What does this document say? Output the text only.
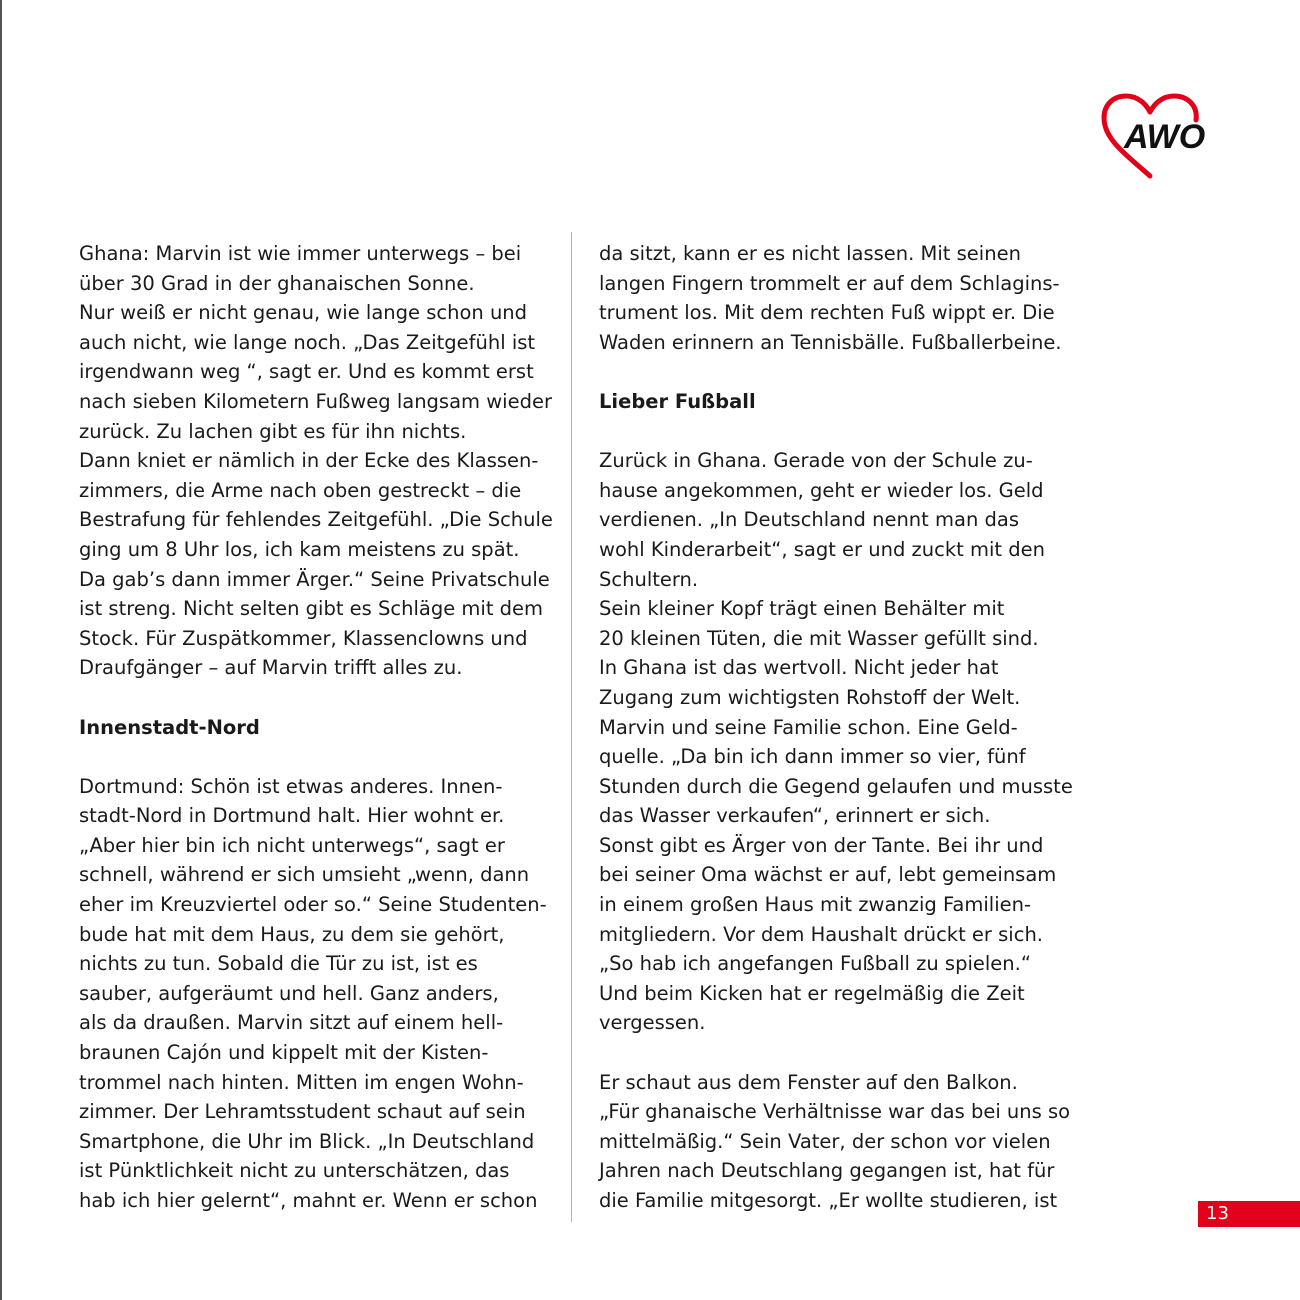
AWO
Ghana: Marvin ist wie immer unterwegs – bei
über 30 Grad in der ghanaischen Sonne.
Nur weiß er nicht genau, wie lange schon und
auch nicht, wie lange noch. „Das Zeitgefühl ist
irgendwann weg “, sagt er. Und es kommt erst
nach sieben Kilometern Fußweg langsam wieder
zurück. Zu lachen gibt es für ihn nichts.
Dann kniet er nämlich in der Ecke des Klassen-
zimmers, die Arme nach oben gestreckt – die
Bestrafung für fehlendes Zeitgefühl. „Die Schule
ging um 8 Uhr los, ich kam meistens zu spät.
Da gab’s dann immer Ärger.“ Seine Privatschule
ist streng. Nicht selten gibt es Schläge mit dem
Stock. Für Zuspätkommer, Klassenclowns und
Draufgänger – auf Marvin trifft alles zu.
Innenstadt-Nord
Dortmund: Schön ist etwas anderes. Innen-
stadt-Nord in Dortmund halt. Hier wohnt er.
„Aber hier bin ich nicht unterwegs“, sagt er
schnell, während er sich umsieht „wenn, dann
eher im Kreuzviertel oder so.“ Seine Studenten-
bude hat mit dem Haus, zu dem sie gehört,
nichts zu tun. Sobald die Tür zu ist, ist es
sauber, aufgeräumt und hell. Ganz anders,
als da draußen. Marvin sitzt auf einem hell-
braunen Cajón und kippelt mit der Kisten-
trommel nach hinten. Mitten im engen Wohn-
zimmer. Der Lehramtsstudent schaut auf sein
Smartphone, die Uhr im Blick. „In Deutschland
ist Pünktlichkeit nicht zu unterschätzen, das
hab ich hier gelernt“, mahnt er. Wenn er schon
da sitzt, kann er es nicht lassen. Mit seinen
langen Fingern trommelt er auf dem Schlagins-
trument los. Mit dem rechten Fuß wippt er. Die
Waden erinnern an Tennisbälle. Fußballerbeine.
Lieber Fußball
Zurück in Ghana. Gerade von der Schule zu-
hause angekommen, geht er wieder los. Geld
verdienen. „In Deutschland nennt man das
wohl Kinderarbeit“, sagt er und zuckt mit den
Schultern.
Sein kleiner Kopf trägt einen Behälter mit
20 kleinen Tüten, die mit Wasser gefüllt sind.
In Ghana ist das wertvoll. Nicht jeder hat
Zugang zum wichtigsten Rohstoff der Welt.
Marvin und seine Familie schon. Eine Geld-
quelle. „Da bin ich dann immer so vier, fünf
Stunden durch die Gegend gelaufen und musste
das Wasser verkaufen“, erinnert er sich.
Sonst gibt es Ärger von der Tante. Bei ihr und
bei seiner Oma wächst er auf, lebt gemeinsam
in einem großen Haus mit zwanzig Familien-
mitgliedern. Vor dem Haushalt drückt er sich.
„So hab ich angefangen Fußball zu spielen.“
Und beim Kicken hat er regelmäßig die Zeit
vergessen.
Er schaut aus dem Fenster auf den Balkon.
„Für ghanaische Verhältnisse war das bei uns so
mittelmäßig.“ Sein Vater, der schon vor vielen
Jahren nach Deutschlang gegangen ist, hat für
die Familie mitgesorgt. „Er wollte studieren, ist
13
